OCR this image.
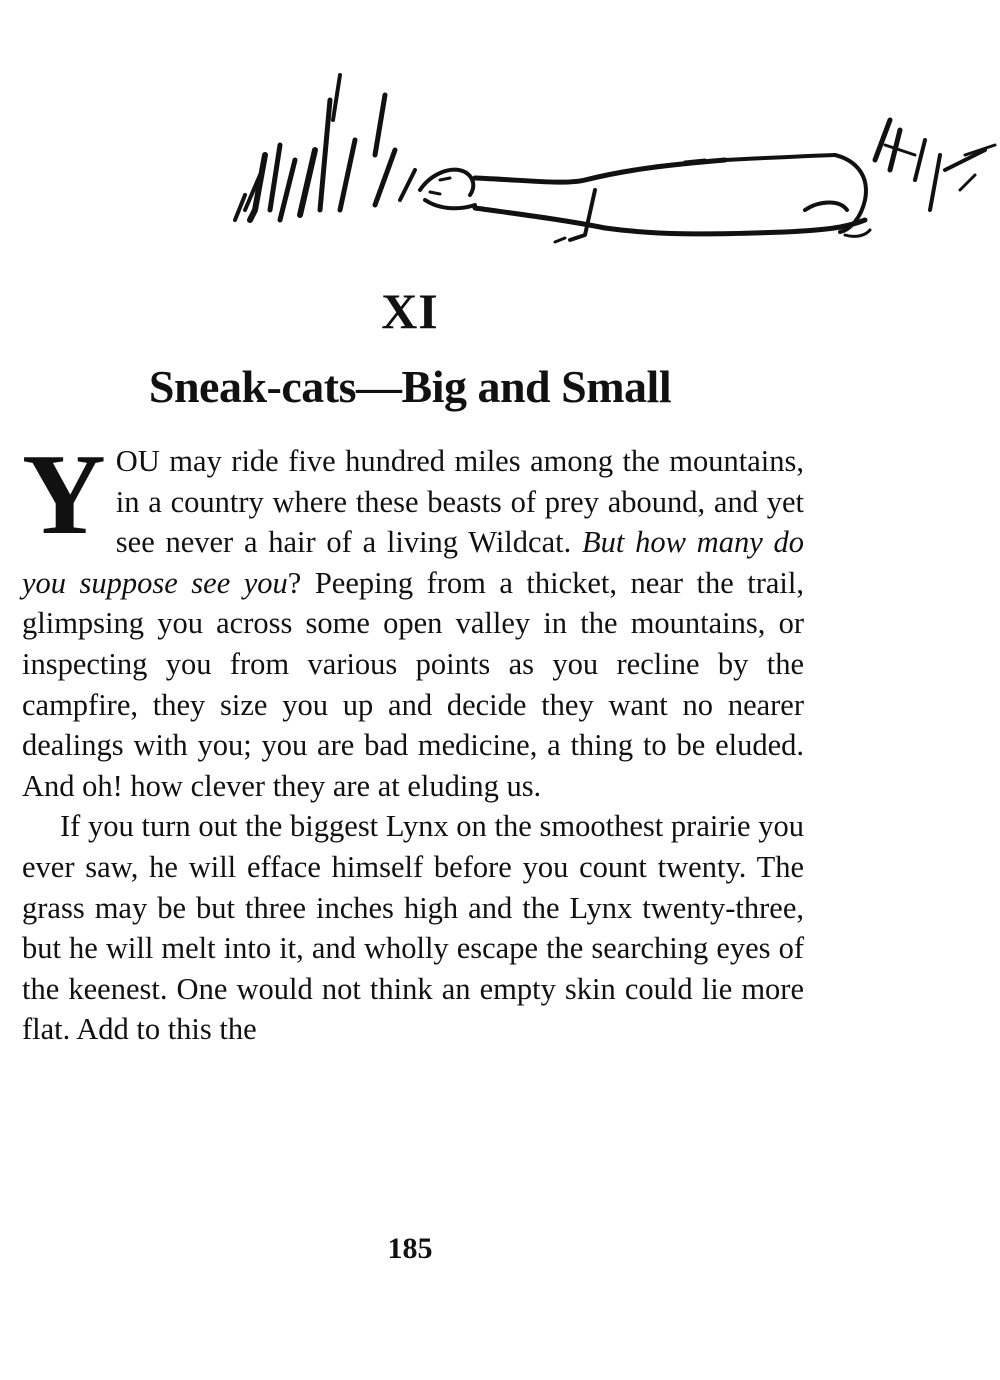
XI
Sneak-cats—Big and Small

YOU may ride five hundred miles among the mountains, in a country where these beasts of prey abound, and yet see never a hair of a living Wildcat. But how many do you suppose see you? Peeping from a thicket, near the trail, glimpsing you across some open valley in the mountains, or inspecting you from various points as you recline by the campfire, they size you up and decide they want no nearer dealings with you; you are bad medicine, a thing to be eluded. And oh! how clever they are at eluding us.

If you turn out the biggest Lynx on the smoothest prairie you ever saw, he will efface himself before you count twenty. The grass may be but three inches high and the Lynx twenty-three, but he will melt into it, and wholly escape the searching eyes of the keenest. One would not think an empty skin could lie more flat. Add to this the

185
